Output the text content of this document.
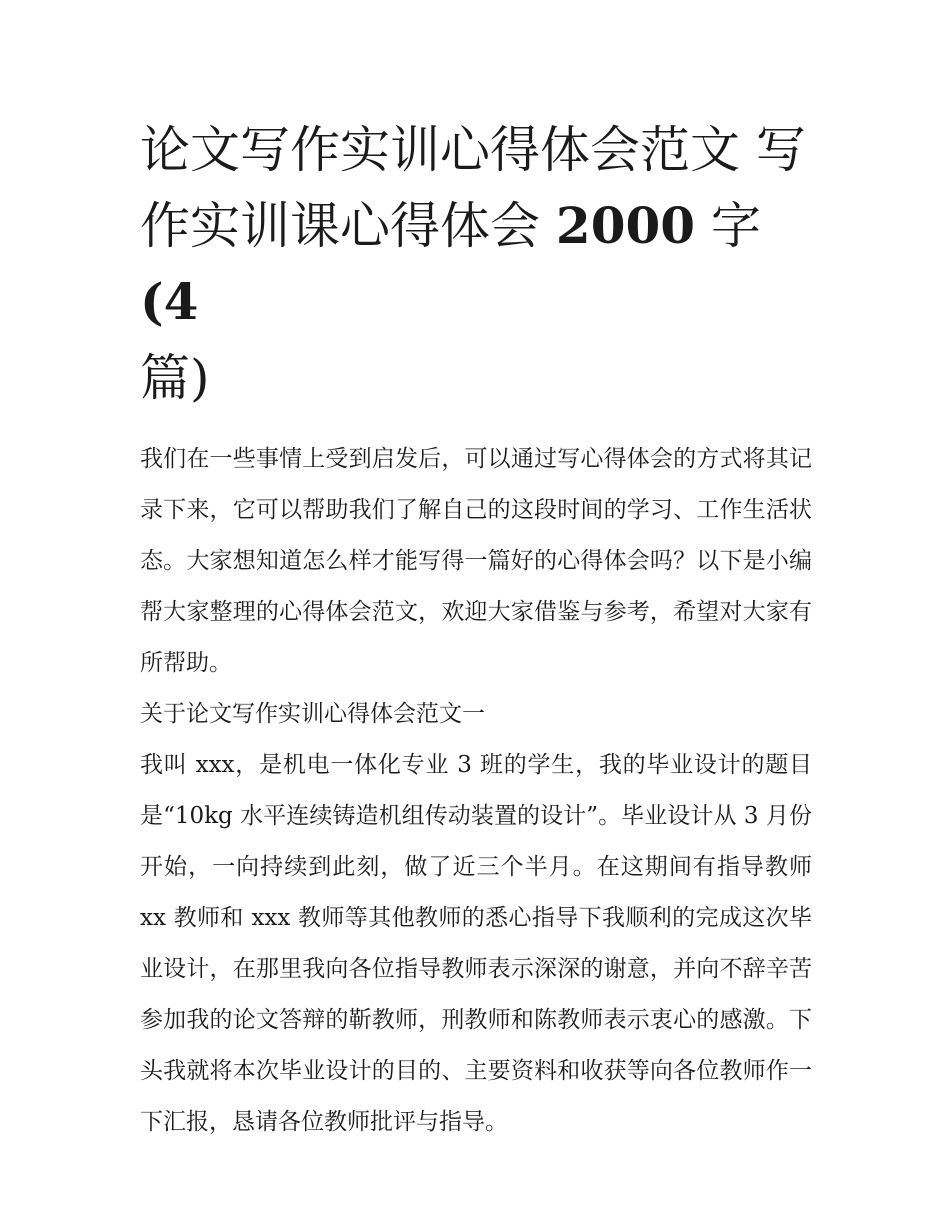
论文写作实训心得体会范文 写作实训课心得体会 2000 字(4
篇)

我们在一些事情上受到启发后，可以通过写心得体会的方式将其记录下来，它可以帮助我们了解自己的这段时间的学习、工作生活状态。大家想知道怎么样才能写得一篇好的心得体会吗？以下是小编帮大家整理的心得体会范文，欢迎大家借鉴与参考，希望对大家有所帮助。

关于论文写作实训心得体会范文一

我叫 xxx，是机电一体化专业 3 班的学生，我的毕业设计的题目是“10kg 水平连续铸造机组传动装置的设计”。毕业设计从 3 月份开始，一向持续到此刻，做了近三个半月。在这期间有指导教师 xx 教师和 xxx 教师等其他教师的悉心指导下我顺利的完成这次毕业设计，在那里我向各位指导教师表示深深的谢意，并向不辞辛苦参加我的论文答辩的靳教师，刑教师和陈教师表示衷心的感激。下头我就将本次毕业设计的目的、主要资料和收获等向各位教师作一下汇报，恳请各位教师批评与指导。
